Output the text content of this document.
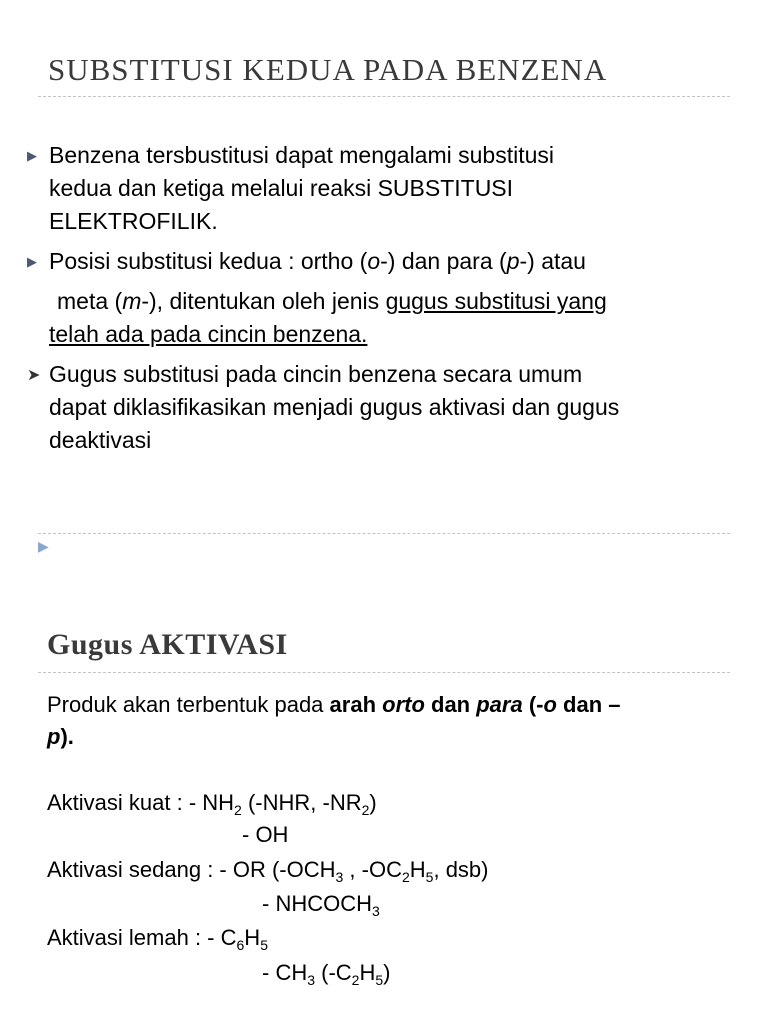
SUBSTITUSI KEDUA PADA BENZENA
▶ Benzena tersbustitusi dapat mengalami substitusi
kedua dan ketiga melalui reaksi SUBSTITUSI
ELEKTROFILIK.
▶ Posisi substitusi kedua : ortho (o-) dan para (p-) atau
meta (m-), ditentukan oleh jenis gugus substitusi yang
telah ada pada cincin benzena.
➤ Gugus substitusi pada cincin benzena secara umum
dapat diklasifikasikan menjadi gugus aktivasi dan gugus
deaktivasi
▶
Gugus AKTIVASI
Produk akan terbentuk pada arah orto dan para (-o dan –
p).
Aktivasi kuat : - $NH_2$ (-NHR, $-NR_2$)
- OH
Aktivasi sedang : - OR ($-OCH_3$ , $-OC_2H_5$, dsb)
- $NHCOCH_3$
Aktivasi lemah : - $C_6H_5$
- $CH_3$ $(-C_2H_5)$
